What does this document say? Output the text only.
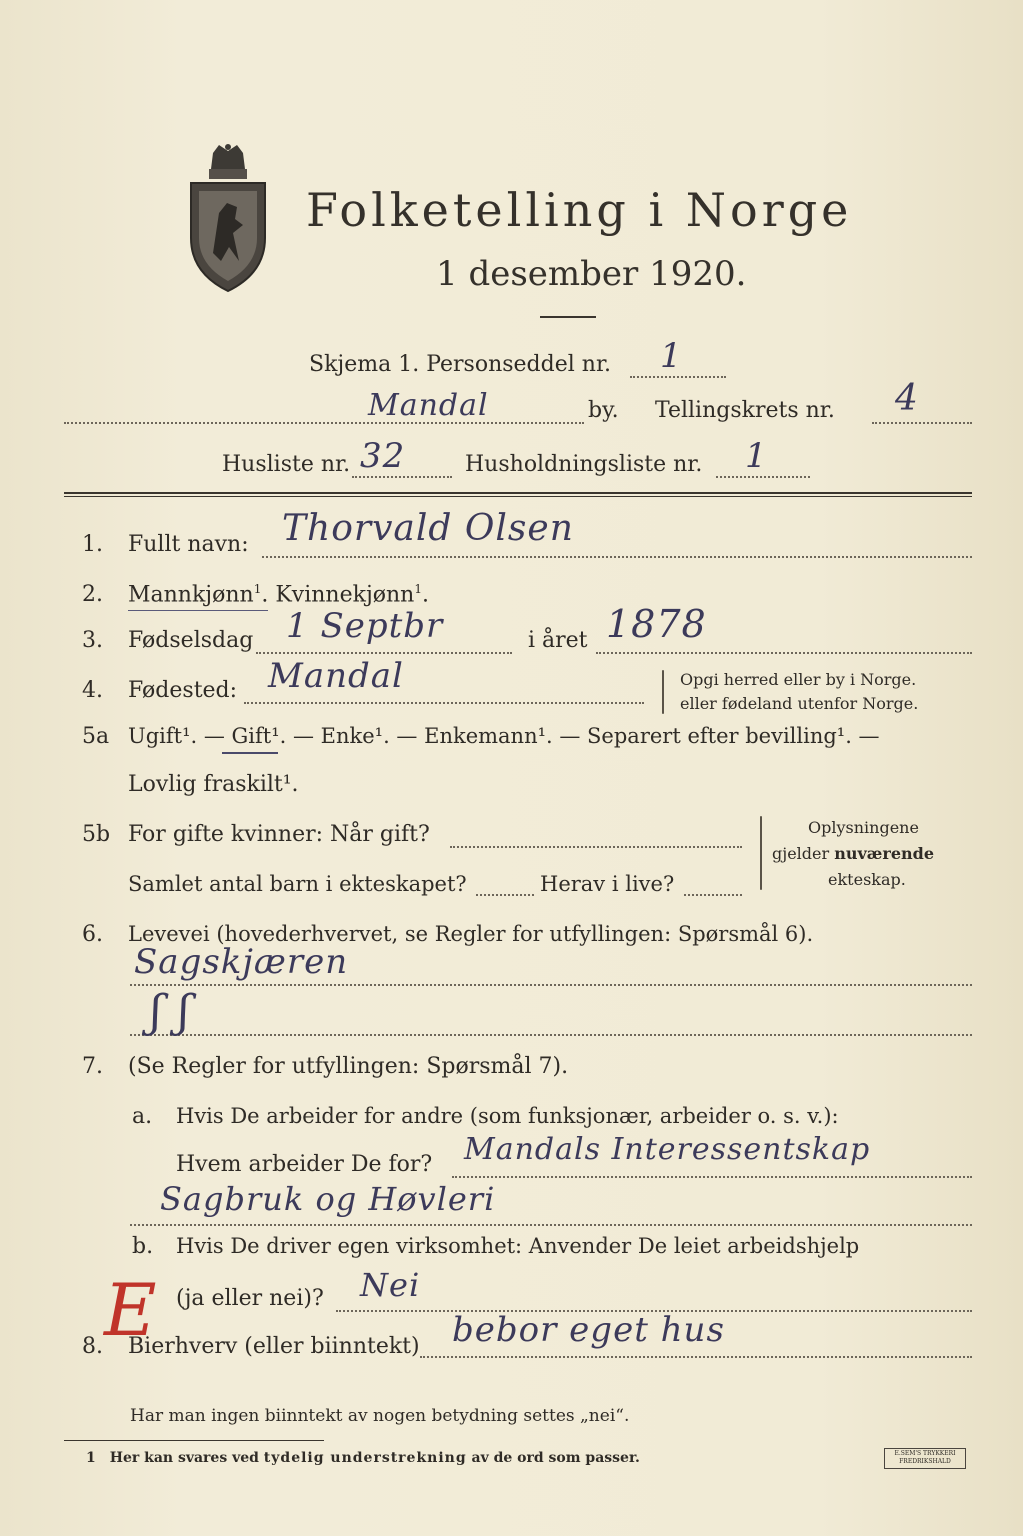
Folketelling i Norge
1 desember 1920.
Skjema 1. Personseddel nr. 1
Mandal	by. Tellingskrets nr. 4
Husliste nr. 32	Husholdningsliste nr. 1
1. Fullt navn: Thorvald Olsen
2. Mannkjønn$^1$. Kvinnekjønn$^1$.
3. Fødselsdag 1 Septbr	i året 1878
4. Fødested: Mandal	Opgi herred eller by i Norge.
eller fødeland utenfor Norge.
5a Ugift¹. — Gift¹. — Enke¹. — Enkemann¹. — Separert efter bevilling¹. —
Lovlig fraskilt¹.
5b For gifte kvinner: Når gift?
Samlet antal barn i ekteskapet?	Herav i live?
Oplysningene
gjelder nuværende
ekteskap.
6. Levevei (hovederhvervet, se Regler for utfyllingen: Spørsmål 6).
Sagskjæren
ʃ ʃ
7. (Se Regler for utfyllingen: Spørsmål 7).
a. Hvis De arbeider for andre (som funksjonær, arbeider o. s. v.):
Hvem arbeider De for? Mandals Interessentskap
Sagbruk og Høvleri
b. Hvis De driver egen virksomhet: Anvender De leiet arbeidshjelp
(ja eller nei)? Nei
E
8. Bierhverv (eller biinntekt) bebor eget hus
Har man ingen biinntekt av nogen betydning settes „nei“.
1 Her kan svares ved tydelig understrekning av de ord som passer.	E.SEM'S TRYKKERI
FREDRIKSHALD
